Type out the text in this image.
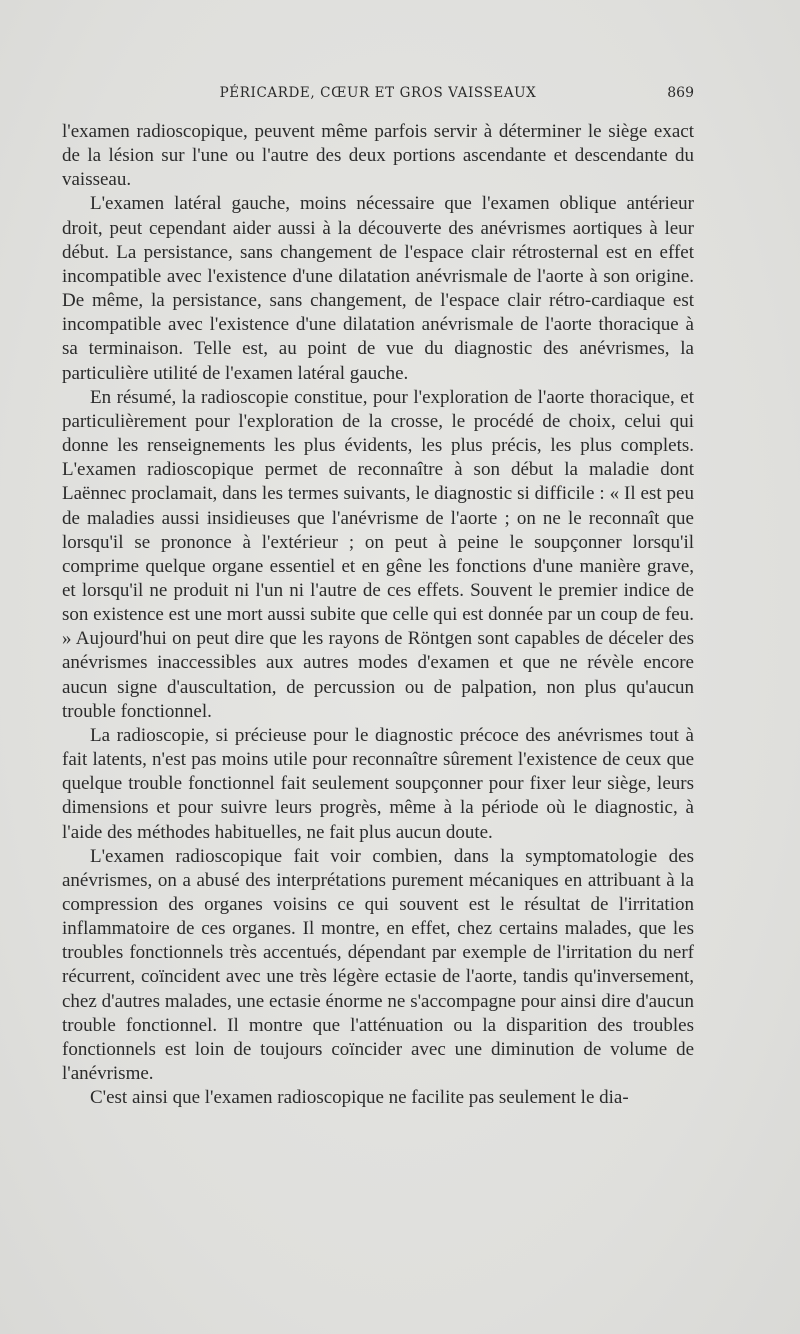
PÉRICARDE, CŒUR ET GROS VAISSEAUX	869

l'examen radioscopique, peuvent même parfois servir à déterminer le siège exact de la lésion sur l'une ou l'autre des deux portions ascendante et descendante du vaisseau.

L'examen latéral gauche, moins nécessaire que l'examen oblique antérieur droit, peut cependant aider aussi à la découverte des anévrismes aortiques à leur début. La persistance, sans changement de l'espace clair rétrosternal est en effet incompatible avec l'existence d'une dilatation anévrismale de l'aorte à son origine. De même, la persistance, sans changement, de l'espace clair rétro-cardiaque est incompatible avec l'existence d'une dilatation anévrismale de l'aorte thoracique à sa terminaison. Telle est, au point de vue du diagnostic des anévrismes, la particulière utilité de l'examen latéral gauche.

En résumé, la radioscopie constitue, pour l'exploration de l'aorte thoracique, et particulièrement pour l'exploration de la crosse, le procédé de choix, celui qui donne les renseignements les plus évidents, les plus précis, les plus complets. L'examen radioscopique permet de reconnaître à son début la maladie dont Laënnec proclamait, dans les termes suivants, le diagnostic si difficile : « Il est peu de maladies aussi insidieuses que l'anévrisme de l'aorte ; on ne le reconnaît que lorsqu'il se prononce à l'extérieur ; on peut à peine le soupçonner lorsqu'il comprime quelque organe essentiel et en gêne les fonctions d'une manière grave, et lorsqu'il ne produit ni l'un ni l'autre de ces effets. Souvent le premier indice de son existence est une mort aussi subite que celle qui est donnée par un coup de feu. » Aujourd'hui on peut dire que les rayons de Röntgen sont capables de déceler des anévrismes inaccessibles aux autres modes d'examen et que ne révèle encore aucun signe d'auscultation, de percussion ou de palpation, non plus qu'aucun trouble fonctionnel.

La radioscopie, si précieuse pour le diagnostic précoce des anévrismes tout à fait latents, n'est pas moins utile pour reconnaître sûrement l'existence de ceux que quelque trouble fonctionnel fait seulement soupçonner pour fixer leur siège, leurs dimensions et pour suivre leurs progrès, même à la période où le diagnostic, à l'aide des méthodes habituelles, ne fait plus aucun doute.

L'examen radioscopique fait voir combien, dans la symptomatologie des anévrismes, on a abusé des interprétations purement mécaniques en attribuant à la compression des organes voisins ce qui souvent est le résultat de l'irritation inflammatoire de ces organes. Il montre, en effet, chez certains malades, que les troubles fonctionnels très accentués, dépendant par exemple de l'irritation du nerf récurrent, coïncident avec une très légère ectasie de l'aorte, tandis qu'inversement, chez d'autres malades, une ectasie énorme ne s'accompagne pour ainsi dire d'aucun trouble fonctionnel. Il montre que l'atténuation ou la disparition des troubles fonctionnels est loin de toujours coïncider avec une diminution de volume de l'anévrisme.

C'est ainsi que l'examen radioscopique ne facilite pas seulement le dia-
